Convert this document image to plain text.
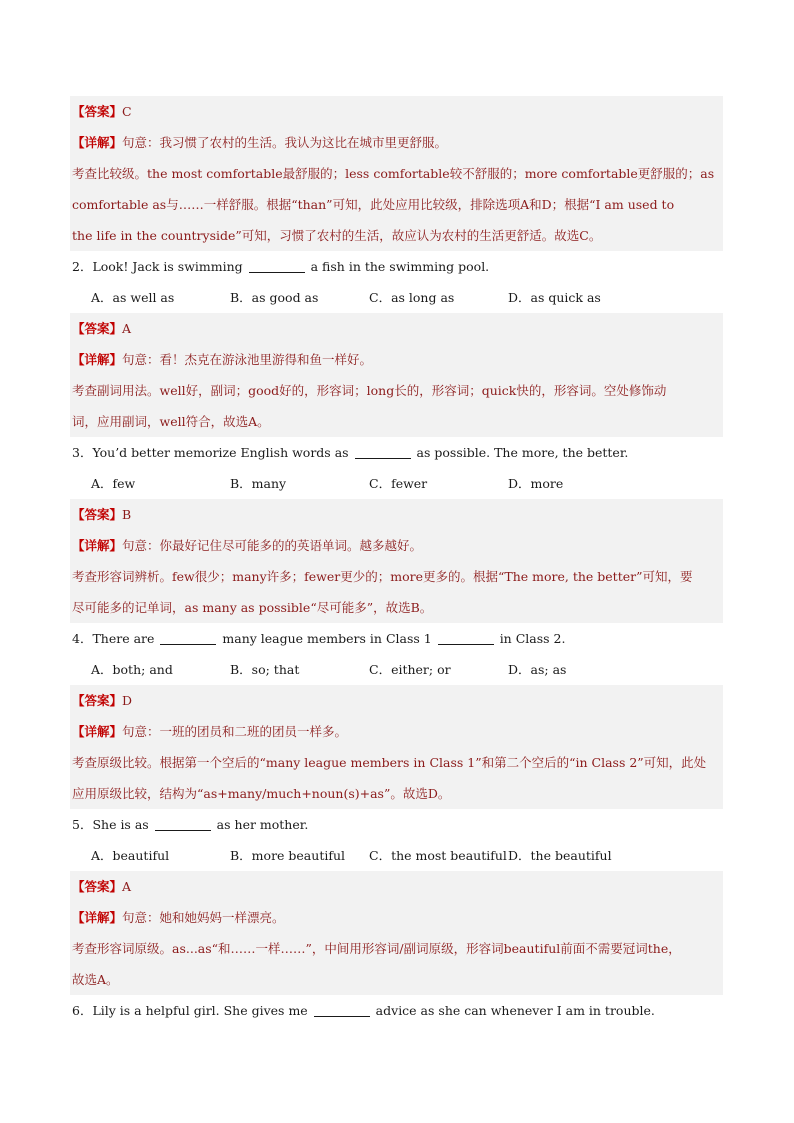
【答案】C
【详解】句意：我习惯了农村的生活。我认为这比在城市里更舒服。
考查比较级。the most comfortable最舒服的；less comfortable较不舒服的；more comfortable更舒服的；as
comfortable as与……一样舒服。根据“than”可知，此处应用比较级，排除选项A和D；根据“I am used to
the life in the countryside”可知，习惯了农村的生活，故应认为农村的生活更舒适。故选C。
2．Look! Jack is swimming	a fish in the swimming pool.
A．as well as	B．as good as	C．as long as	D．as quick as
【答案】A
【详解】句意：看！杰克在游泳池里游得和鱼一样好。
考查副词用法。well好，副词；good好的，形容词；long长的，形容词；quick快的，形容词。空处修饰动
词，应用副词，well符合，故选A。
3．You’d better memorize English words as	as possible. The more, the better.
A．few	B．many	C．fewer	D．more
【答案】B
【详解】句意：你最好记住尽可能多的的英语单词。越多越好。
考查形容词辨析。few很少；many许多；fewer更少的；more更多的。根据“The more, the better”可知，要
尽可能多的记单词，as many as possible“尽可能多”，故选B。
4．There are	many league members in Class 1	in Class 2.
A．both; and	B．so; that	C．either; or	D．as; as
【答案】D
【详解】句意：一班的团员和二班的团员一样多。
考查原级比较。根据第一个空后的“many league members in Class 1”和第二个空后的“in Class 2”可知，此处
应用原级比较，结构为“as+many/much+noun(s)+as”。故选D。
5．She is as	as her mother.
A．beautiful	B．more beautiful	C．the most beautiful D．the beautiful
【答案】A
【详解】句意：她和她妈妈一样漂亮。
考查形容词原级。as...as“和……一样……”，中间用形容词/副词原级，形容词beautiful前面不需要冠词the，
故选A。
6．Lily is a helpful girl. She gives me	advice as she can whenever I am in trouble.
